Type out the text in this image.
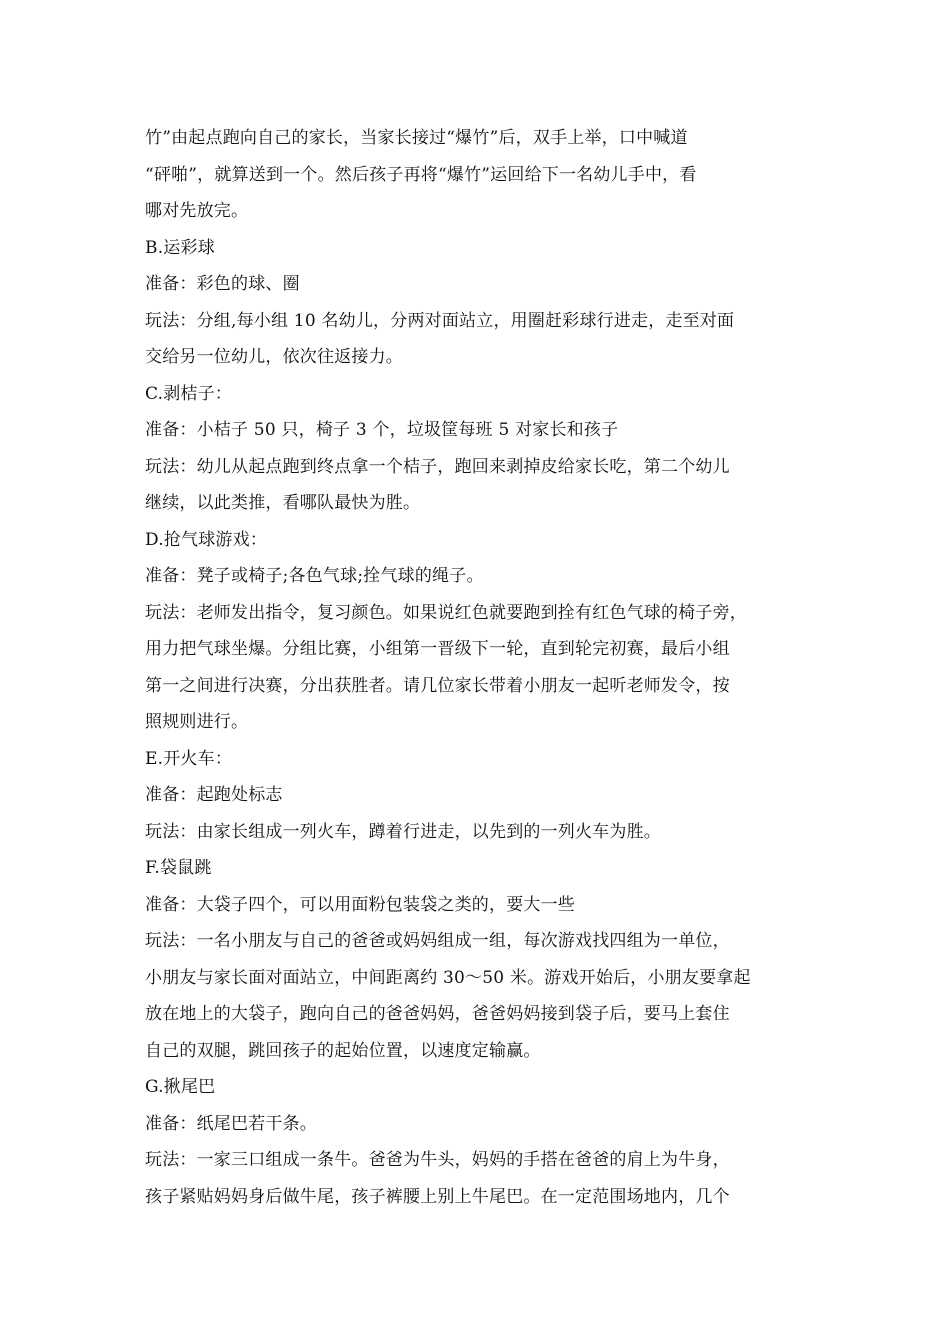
竹”由起点跑向自己的家长，当家长接过“爆竹”后，双手上举，口中喊道
“砰啪”，就算送到一个。然后孩子再将“爆竹”运回给下一名幼儿手中，看
哪对先放完。
B.运彩球
准备：彩色的球、圈
玩法：分组,每小组 10 名幼儿，分两对面站立，用圈赶彩球行进走，走至对面
交给另一位幼儿，依次往返接力。
C.剥桔子：
准备：小桔子 50 只，椅子 3 个，垃圾筐每班 5 对家长和孩子
玩法：幼儿从起点跑到终点拿一个桔子，跑回来剥掉皮给家长吃，第二个幼儿
继续，以此类推，看哪队最快为胜。
D.抢气球游戏：
准备：凳子或椅子;各色气球;拴气球的绳子。
玩法：老师发出指令，复习颜色。如果说红色就要跑到拴有红色气球的椅子旁，
用力把气球坐爆。分组比赛，小组第一晋级下一轮，直到轮完初赛，最后小组
第一之间进行决赛，分出获胜者。请几位家长带着小朋友一起听老师发令，按
照规则进行。
E.开火车：
准备：起跑处标志
玩法：由家长组成一列火车，蹲着行进走，以先到的一列火车为胜。
F.袋鼠跳
准备：大袋子四个，可以用面粉包装袋之类的，要大一些
玩法：一名小朋友与自己的爸爸或妈妈组成一组，每次游戏找四组为一单位，
小朋友与家长面对面站立，中间距离约 30～50 米。游戏开始后，小朋友要拿起
放在地上的大袋子，跑向自己的爸爸妈妈，爸爸妈妈接到袋子后，要马上套住
自己的双腿，跳回孩子的起始位置，以速度定输赢。
G.揪尾巴
准备：纸尾巴若干条。
玩法：一家三口组成一条牛。爸爸为牛头，妈妈的手搭在爸爸的肩上为牛身，
孩子紧贴妈妈身后做牛尾，孩子裤腰上别上牛尾巴。在一定范围场地内，几个
